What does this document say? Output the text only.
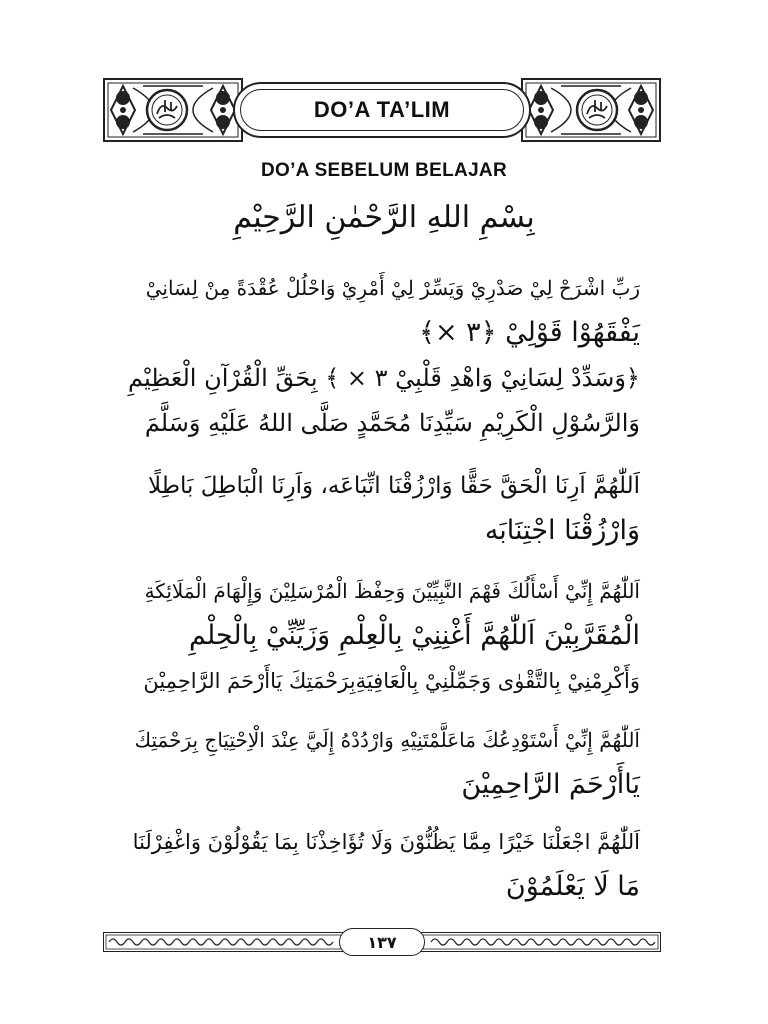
DO’A TA’LIM
DO’A SEBELUM BELAJAR
بِسْمِ اللهِ الرَّحْمٰنِ الرَّحِيْمِ
رَبِّ اشْرَحْ لِيْ صَدْرِيْ وَيَسِّرْ لِيْ أَمْرِيْ وَاحْلُلْ عُقْدَةً مِنْ لِسَانِيْ
يَفْقَهُوْا قَوْلِيْ ﴿٣ ×﴾
﴿وَسَدِّدْ لِسَانِيْ وَاهْدِ قَلْبِيْ ٣ × ﴾ بِحَقِّ الْقُرْآنِ الْعَظِيْمِ
وَالرَّسُوْلِ الْكَرِيْمِ سَيِّدِنَا مُحَمَّدٍ صَلَّى اللهُ عَلَيْهِ وَسَلَّمَ
اَللّٰهُمَّ اَرِنَا الْحَقَّ حَقًّا وَارْزُقْنَا اتِّبَاعَه، وَاَرِنَا الْبَاطِلَ بَاطِلًا
وَارْزُقْنَا اجْتِنَابَه
اَللّٰهُمَّ إِنِّيْ أَسْأَلُكَ فَهْمَ النَّبِيِّيْنَ وَحِفْظَ الْمُرْسَلِيْنَ وَإِلْهَامَ الْمَلَائِكَةِ
الْمُقَرَّبِيْنَ اَللّٰهُمَّ أَغْنِنِيْ بِالْعِلْمِ وَزَيِّنِّيْ بِالْحِلْمِ
وَأَكْرِمْنِيْ بِالتَّقْوٰى وَجَمِّلْنِيْ بِالْعَافِيَةِبِرَحْمَتِكَ يَاأَرْحَمَ الرَّاحِمِيْنَ
اَللّٰهُمَّ إِنِّيْ أَسْتَوْدِعُكَ مَاعَلَّمْتَنِيْهِ وَارْدُدْهُ إِلَيَّ عِنْدَ الْاِحْتِيَاجِ بِرَحْمَتِكَ
يَاأَرْحَمَ الرَّاحِمِيْنَ
اَللّٰهُمَّ اجْعَلْنَا خَيْرًا مِمَّا يَظُنُّوْنَ وَلَا تُؤَاخِذْنَا بِمَا يَقُوْلُوْنَ وَاغْفِرْلَنَا
مَا لَا يَعْلَمُوْنَ
١٣٧
